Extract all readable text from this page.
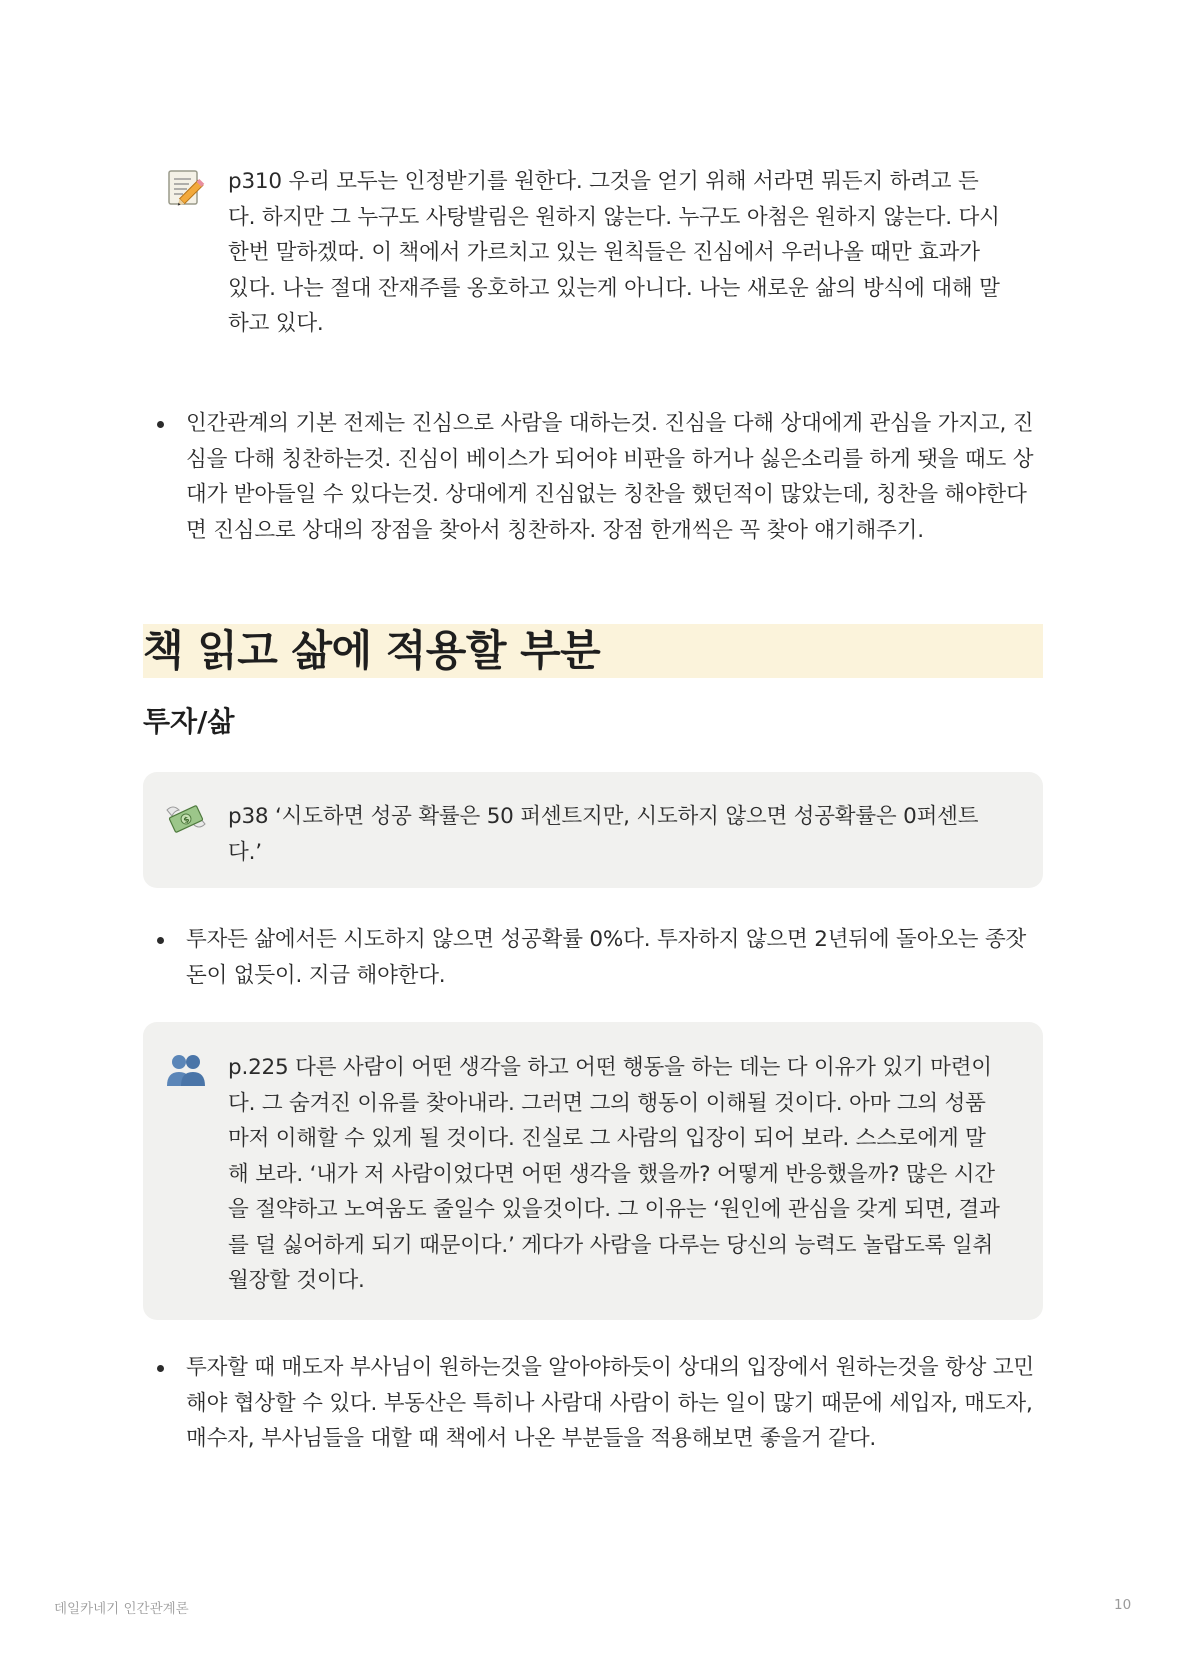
p310 우리 모두는 인정받기를 원한다. 그것을 얻기 위해 서라면 뭐든지 하려고 든다. 하지만 그 누구도 사탕발림은 원하지 않는다. 누구도 아첨은 원하지 않는다. 다시 한번 말하겠따. 이 책에서 가르치고 있는 원칙들은 진심에서 우러나올 때만 효과가 있다. 나는 절대 잔재주를 옹호하고 있는게 아니다. 나는 새로운 삶의 방식에 대해 말하고 있다.
인간관계의 기본 전제는 진심으로 사람을 대하는것. 진심을 다해 상대에게 관심을 가지고, 진심을 다해 칭찬하는것. 진심이 베이스가 되어야 비판을 하거나 싫은소리를 하게 됏을 때도 상대가 받아들일 수 있다는것. 상대에게 진심없는 칭찬을 했던적이 많았는데, 칭찬을 해야한다면 진심으로 상대의 장점을 찾아서 칭찬하자. 장점 한개씩은 꼭 찾아 얘기해주기.
책 읽고 삶에 적용할 부분
투자/삶
$ p38 ‘시도하면 성공 확률은 50 퍼센트지만, 시도하지 않으면 성공확률은 0퍼센트다.’
투자든 삶에서든 시도하지 않으면 성공확률 0%다. 투자하지 않으면 2년뒤에 돌아오는 종잣돈이 없듯이. 지금 해야한다.
p.225 다른 사람이 어떤 생각을 하고 어떤 행동을 하는 데는 다 이유가 있기 마련이다. 그 숨겨진 이유를 찾아내라. 그러면 그의 행동이 이해될 것이다. 아마 그의 성품마저 이해할 수 있게 될 것이다. 진실로 그 사람의 입장이 되어 보라. 스스로에게 말해 보라. ‘내가 저 사람이었다면 어떤 생각을 했을까? 어떻게 반응했을까? 많은 시간을 절약하고 노여움도 줄일수 있을것이다. 그 이유는 ‘원인에 관심을 갖게 되면, 결과를 덜 싫어하게 되기 때문이다.’ 게다가 사람을 다루는 당신의 능력도 놀랍도록 일취월장할 것이다.
투자할 때 매도자 부사님이 원하는것을 알아야하듯이 상대의 입장에서 원하는것을 항상 고민해야 협상할 수 있다. 부동산은 특히나 사람대 사람이 하는 일이 많기 때문에 세입자, 매도자, 매수자, 부사님들을 대할 때 책에서 나온 부분들을 적용해보면 좋을거 같다.
데일카네기 인간관계론	10
